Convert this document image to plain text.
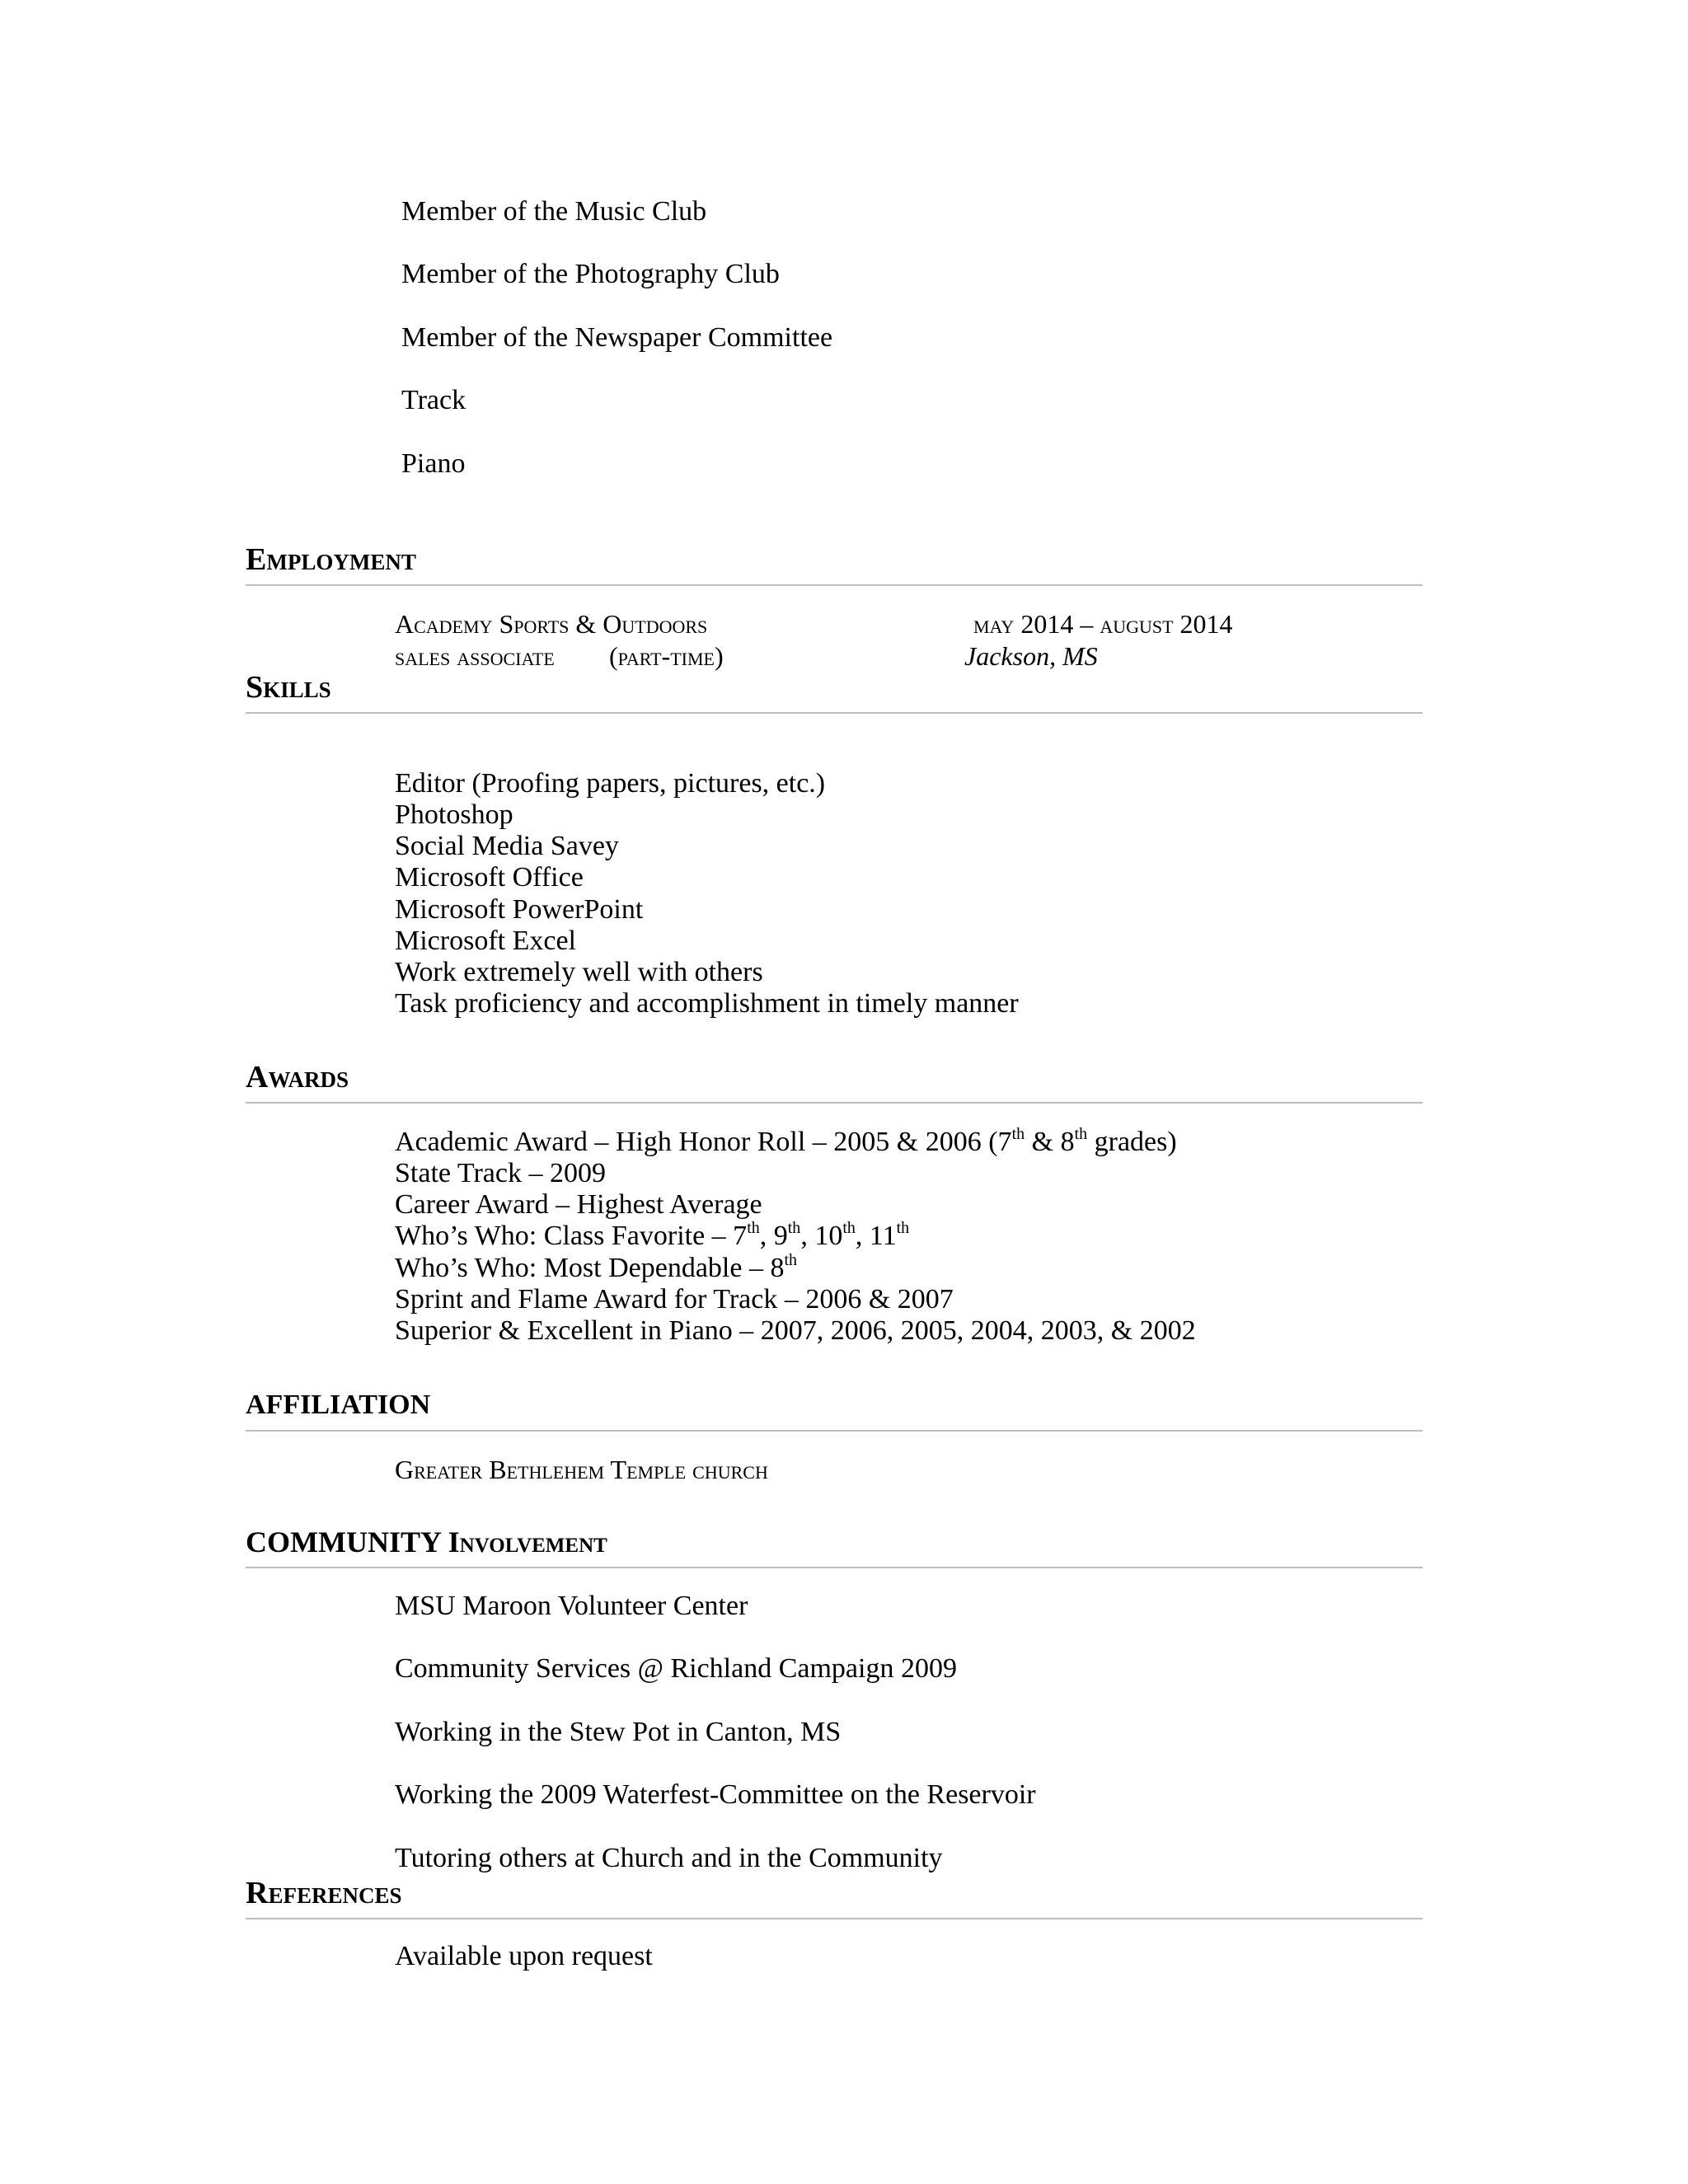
Member of the Music Club
Member of the Photography Club
Member of the Newspaper Committee
Track
Piano
Employment
Academy Sports & Outdoors	may 2014 – august 2014
sales associate (part-time)	Jackson, MS
Skills
Editor (Proofing papers, pictures, etc.)
Photoshop
Social Media Savey
Microsoft Office
Microsoft PowerPoint
Microsoft Excel
Work extremely well with others
Task proficiency and accomplishment in timely manner
Awards
Academic Award – High Honor Roll – 2005 & 2006 (7th & 8th grades)
State Track – 2009
Career Award – Highest Average
Who’s Who: Class Favorite – 7th, 9th, 10th, 11th
Who’s Who: Most Dependable – 8th
Sprint and Flame Award for Track – 2006 & 2007
Superior & Excellent in Piano – 2007, 2006, 2005, 2004, 2003, & 2002
AFFILIATION
Greater Bethlehem Temple church
COMMUNITY Involvement
MSU Maroon Volunteer Center
Community Services @ Richland Campaign 2009
Working in the Stew Pot in Canton, MS
Working the 2009 Waterfest-Committee on the Reservoir
Tutoring others at Church and in the Community
References
Available upon request
